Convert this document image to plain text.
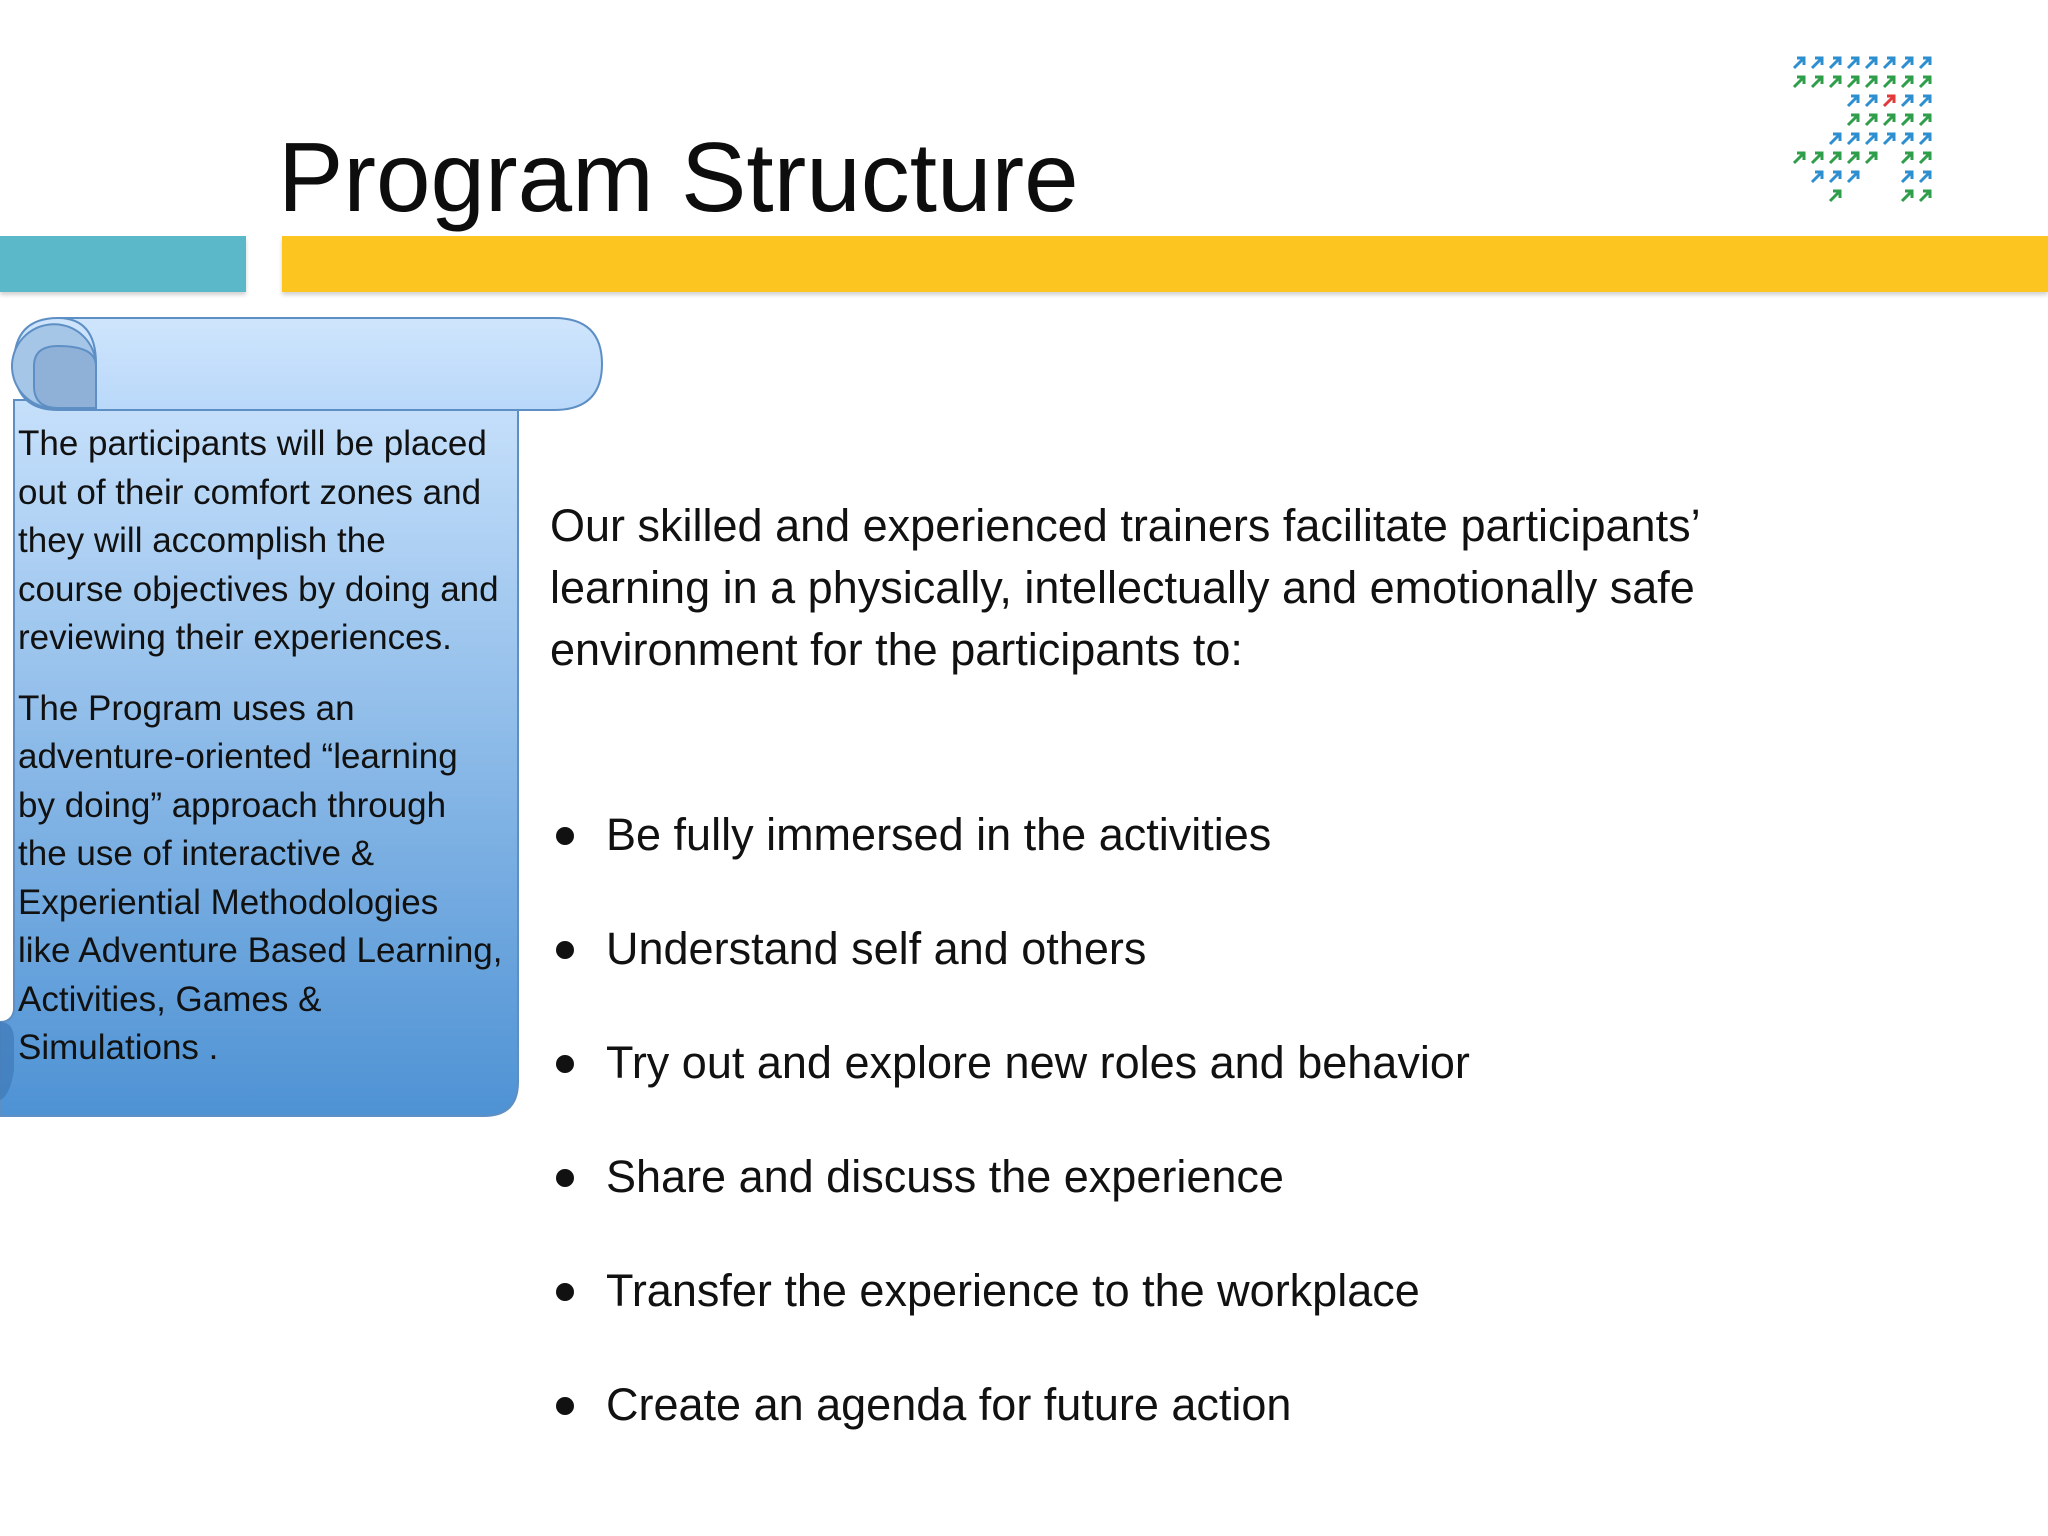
Program Structure

The participants will be placed

out of their comfort zones and

they will accomplish the

course objectives by doing and

reviewing their experiences.

The Program uses an

adventure-oriented “learning

by doing” approach through

the use of interactive &

Experiential Methodologies

like Adventure Based Learning,

Activities, Games &

Simulations .

Our skilled and experienced trainers facilitate participants’

learning in a physically, intellectually and emotionally safe

environment for the participants to:

Be fully immersed in the activities
Understand self and others
Try out and explore new roles and behavior
Share and discuss the experience
Transfer the experience to the workplace
Create an agenda for future action
